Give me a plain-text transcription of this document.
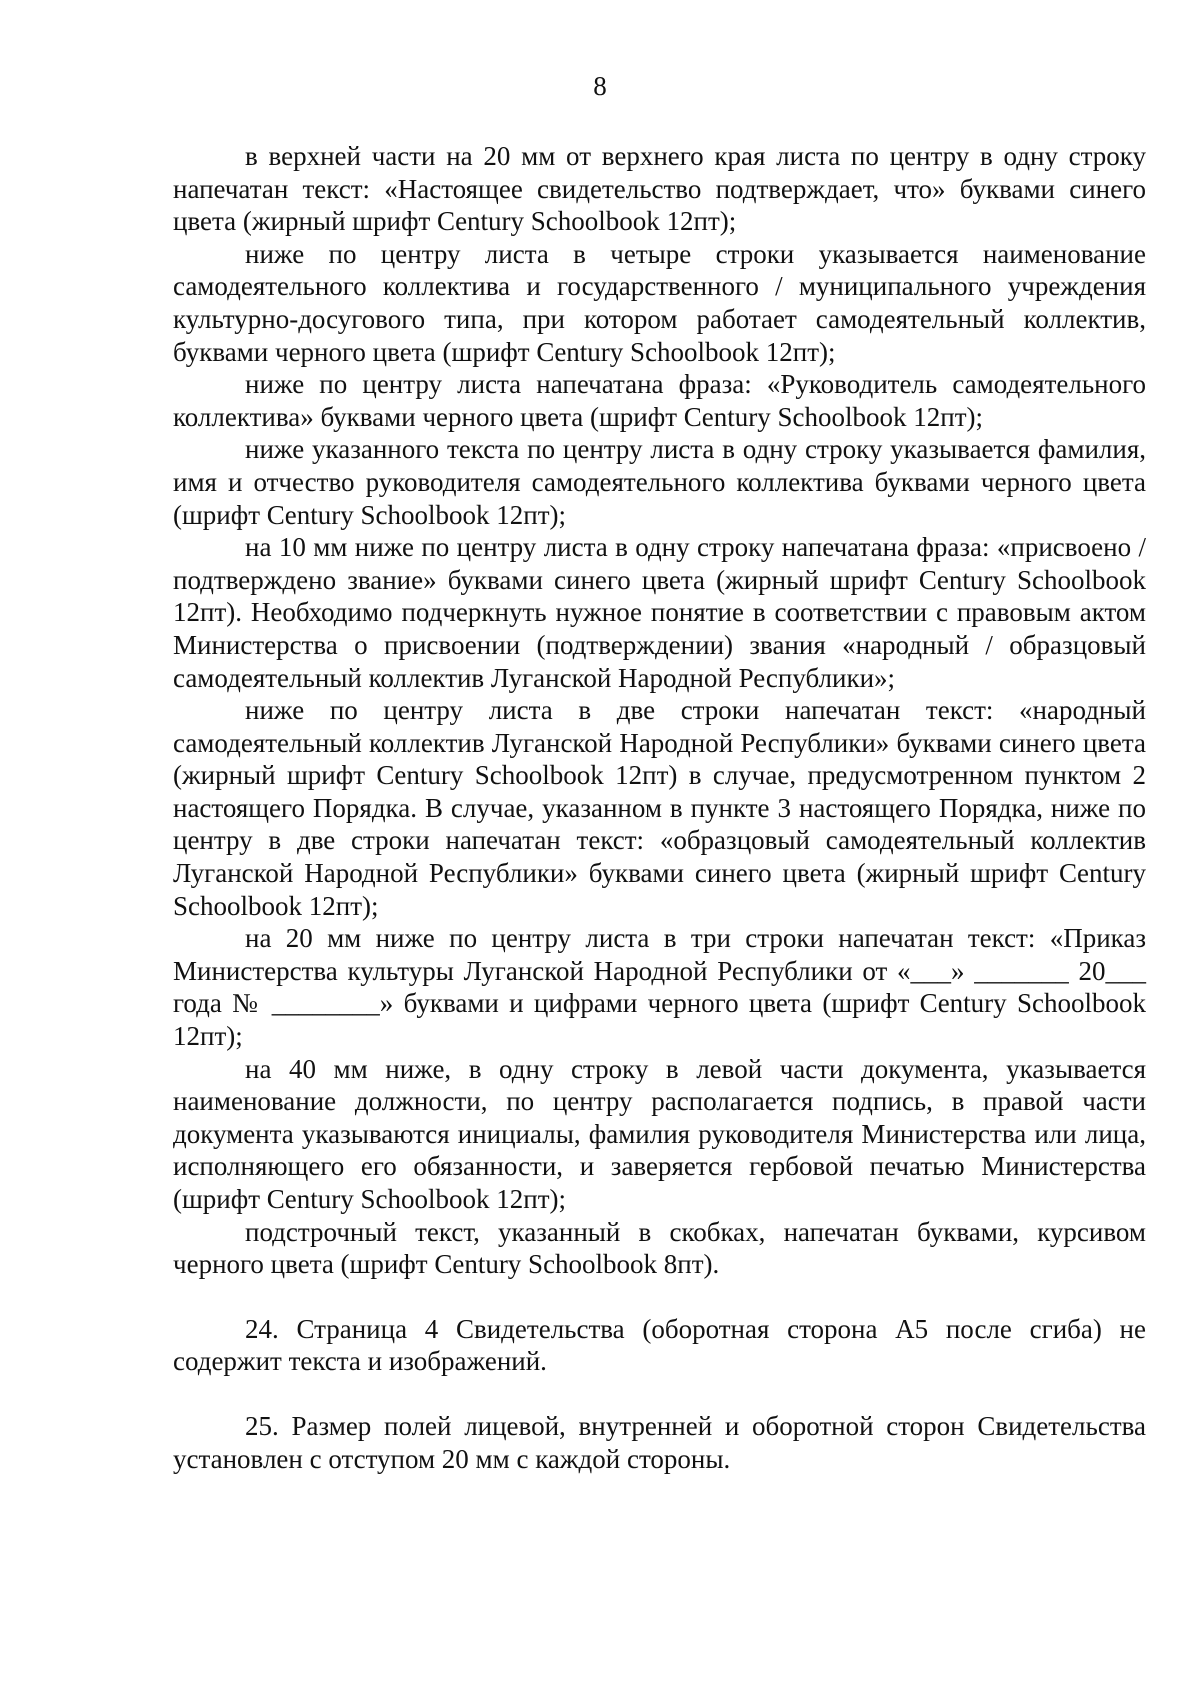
8

в верхней части на 20 мм от верхнего края листа по центру в одну строку напечатан текст: «Настоящее свидетельство подтверждает, что» буквами синего цвета (жирный шрифт Century Schoolbook 12пт);

ниже по центру листа в четыре строки указывается наименование самодеятельного коллектива и государственного / муниципального учреждения культурно-досугового типа, при котором работает самодеятельный коллектив, буквами черного цвета (шрифт Century Schoolbook 12пт);

ниже по центру листа напечатана фраза: «Руководитель самодеятельного коллектива» буквами черного цвета (шрифт Century Schoolbook 12пт);

ниже указанного текста по центру листа в одну строку указывается фамилия, имя и отчество руководителя самодеятельного коллектива буквами черного цвета (шрифт Century Schoolbook 12пт);

на 10 мм ниже по центру листа в одну строку напечатана фраза: «присвоено / подтверждено звание» буквами синего цвета (жирный шрифт Century Schoolbook 12пт). Необходимо подчеркнуть нужное понятие в соответствии с правовым актом Министерства о присвоении (подтверждении) звания «народный / образцовый самодеятельный коллектив Луганской Народной Республики»;

ниже по центру листа в две строки напечатан текст: «народный самодеятельный коллектив Луганской Народной Республики» буквами синего цвета (жирный шрифт Century Schoolbook 12пт) в случае, предусмотренном пунктом 2 настоящего Порядка. В случае, указанном в пункте 3 настоящего Порядка, ниже по центру в две строки напечатан текст: «образцовый самодеятельный коллектив Луганской Народной Республики» буквами синего цвета (жирный шрифт Century Schoolbook 12пт);

на 20 мм ниже по центру листа в три строки напечатан текст: «Приказ Министерства культуры Луганской Народной Республики от «___» _______ 20___ года № ________» буквами и цифрами черного цвета (шрифт Century Schoolbook 12пт);

на 40 мм ниже, в одну строку в левой части документа, указывается наименование должности, по центру располагается подпись, в правой части документа указываются инициалы, фамилия руководителя Министерства или лица, исполняющего его обязанности, и заверяется гербовой печатью Министерства (шрифт Century Schoolbook 12пт);

подстрочный текст, указанный в скобках, напечатан буквами, курсивом черного цвета (шрифт Century Schoolbook 8пт).

24. Страница 4 Свидетельства (оборотная сторона А5 после сгиба) не содержит текста и изображений.

25. Размер полей лицевой, внутренней и оборотной сторон Свидетельства установлен с отступом 20 мм с каждой стороны.
